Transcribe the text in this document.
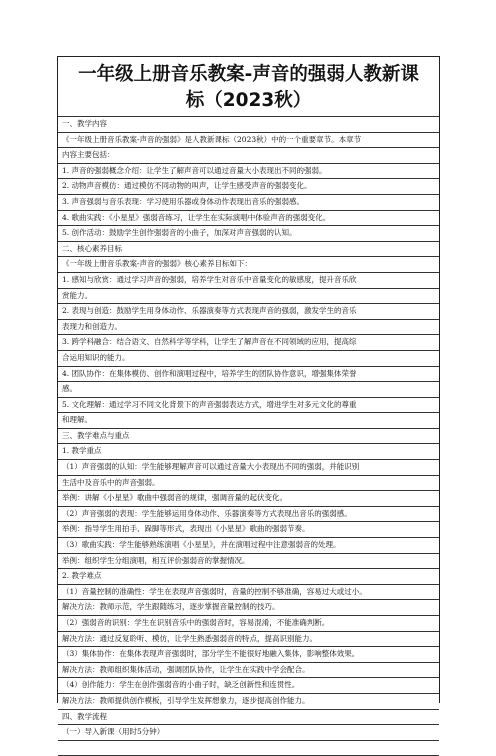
一年级上册音乐教案-声音的强弱人教新课
标（2023秋）
一、教学内容
《一年级上册音乐教案-声音的强弱》是人教新课标（2023秋）中的一个重要章节。本章节
内容主要包括：
1. 声音的强弱概念介绍：让学生了解声音可以通过音量大小表现出不同的强弱。
2. 动物声音模仿：通过模仿不同动物的叫声，让学生感受声音的强弱变化。
3. 声音强弱与音乐表现：学习使用乐器或身体动作表现出音乐的强弱感。
4. 歌曲实践：《小星星》强弱音练习，让学生在实际演唱中体验声音的强弱变化。
5. 创作活动：鼓励学生创作强弱音的小曲子，加深对声音强弱的认知。
二、核心素养目标
《一年级上册音乐教案-声音的强弱》核心素养目标如下：
1. 感知与欣赏：通过学习声音的强弱，培养学生对音乐中音量变化的敏感度，提升音乐欣
赏能力。
2. 表现与创造：鼓励学生用身体动作、乐器演奏等方式表现声音的强弱，激发学生的音乐
表现力和创造力。
3. 跨学科融合：结合语文、自然科学等学科，让学生了解声音在不同领域的应用，提高综
合运用知识的能力。
4. 团队协作：在集体模仿、创作和演唱过程中，培养学生的团队协作意识，增强集体荣誉
感。
5. 文化理解：通过学习不同文化背景下的声音强弱表达方式，增进学生对多元文化的尊重
和理解。
三、教学难点与重点
1. 教学重点
（1）声音强弱的认知：学生能够理解声音可以通过音量大小表现出不同的强弱，并能识别
生活中及音乐中的声音强弱。
举例：讲解《小星星》歌曲中强弱音的规律，强调音量的起伏变化。
（2）声音强弱的表现：学生能够运用身体动作、乐器演奏等方式表现出音乐的强弱感。
举例：指导学生用拍手、跺脚等形式，表现出《小星星》歌曲的强弱节奏。
（3）歌曲实践：学生能够熟练演唱《小星星》，并在演唱过程中注意强弱音的处理。
举例：组织学生分组演唱，相互评价强弱音的掌握情况。
2. 教学难点
（1）音量控制的准确性：学生在表现声音强弱时，音量的控制不够准确，容易过大或过小。
解决方法：教师示范，学生跟随练习，逐步掌握音量控制的技巧。
（2）强弱音的识别：学生在识别音乐中的强弱音时，容易混淆，不能准确判断。
解决方法：通过反复聆听、模仿，让学生熟悉强弱音的特点，提高识别能力。
（3）集体协作：在集体表现声音强弱时，部分学生不能很好地融入集体，影响整体效果。
解决方法：教师组织集体活动，强调团队协作，让学生在实践中学会配合。
（4）创作能力：学生在创作强弱音的小曲子时，缺乏创新性和连贯性。
解决方法：教师提供创作模板，引导学生发挥想象力，逐步提高创作能力。
四、教学流程
（一）导入新课（用时5分钟）
